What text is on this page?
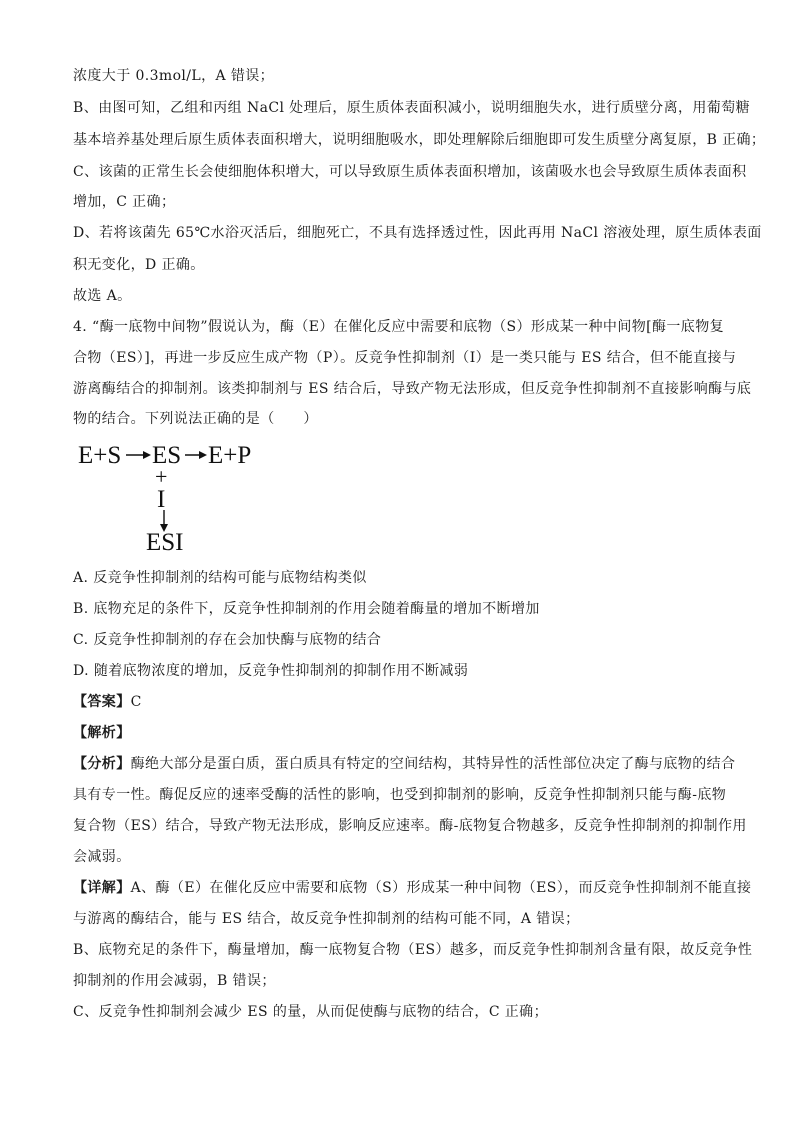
浓度大于 0.3mol/L，A 错误；

B、由图可知，乙组和丙组 NaCl 处理后，原生质体表面积减小，说明细胞失水，进行质壁分离，用葡萄糖

基本培养基处理后原生质体表面积增大，说明细胞吸水，即处理解除后细胞即可发生质壁分离复原，B 正确；

C、该菌的正常生长会使细胞体积增大，可以导致原生质体表面积增加，该菌吸水也会导致原生质体表面积

增加，C 正确；

D、若将该菌先 65℃水浴灭活后，细胞死亡，不具有选择透过性，因此再用 NaCl 溶液处理，原生质体表面

积无变化，D 正确。

故选 A。

4. “酶一底物中间物”假说认为，酶（E）在催化反应中需要和底物（S）形成某一种中间物[酶一底物复

合物（ES）]，再进一步反应生成产物（P）。反竞争性抑制剂（Ⅰ）是一类只能与 ES 结合，但不能直接与

游离酶结合的抑制剂。该类抑制剂与 ES 结合后，导致产物无法形成，但反竞争性抑制剂不直接影响酶与底

物的结合。下列说法正确的是（　　）

E+S ES E+P
+
I
ESI

A. 反竞争性抑制剂的结构可能与底物结构类似

B. 底物充足的条件下，反竞争性抑制剂的作用会随着酶量的增加不断增加

C. 反竞争性抑制剂的存在会加快酶与底物的结合

D. 随着底物浓度的增加，反竞争性抑制剂的抑制作用不断减弱

【答案】C

【解析】

【分析】酶绝大部分是蛋白质，蛋白质具有特定的空间结构，其特异性的活性部位决定了酶与底物的结合

具有专一性。酶促反应的速率受酶的活性的影响，也受到抑制剂的影响，反竞争性抑制剂只能与酶-底物

复合物（ES）结合，导致产物无法形成，影响反应速率。酶-底物复合物越多，反竞争性抑制剂的抑制作用

会减弱。

【详解】A、酶（E）在催化反应中需要和底物（S）形成某一种中间物（ES），而反竞争性抑制剂不能直接

与游离的酶结合，能与 ES 结合，故反竞争性抑制剂的结构可能不同，A 错误；

B、底物充足的条件下，酶量增加，酶一底物复合物（ES）越多，而反竞争性抑制剂含量有限，故反竞争性

抑制剂的作用会减弱，B 错误；

C、反竞争性抑制剂会减少 ES 的量，从而促使酶与底物的结合，C 正确；
